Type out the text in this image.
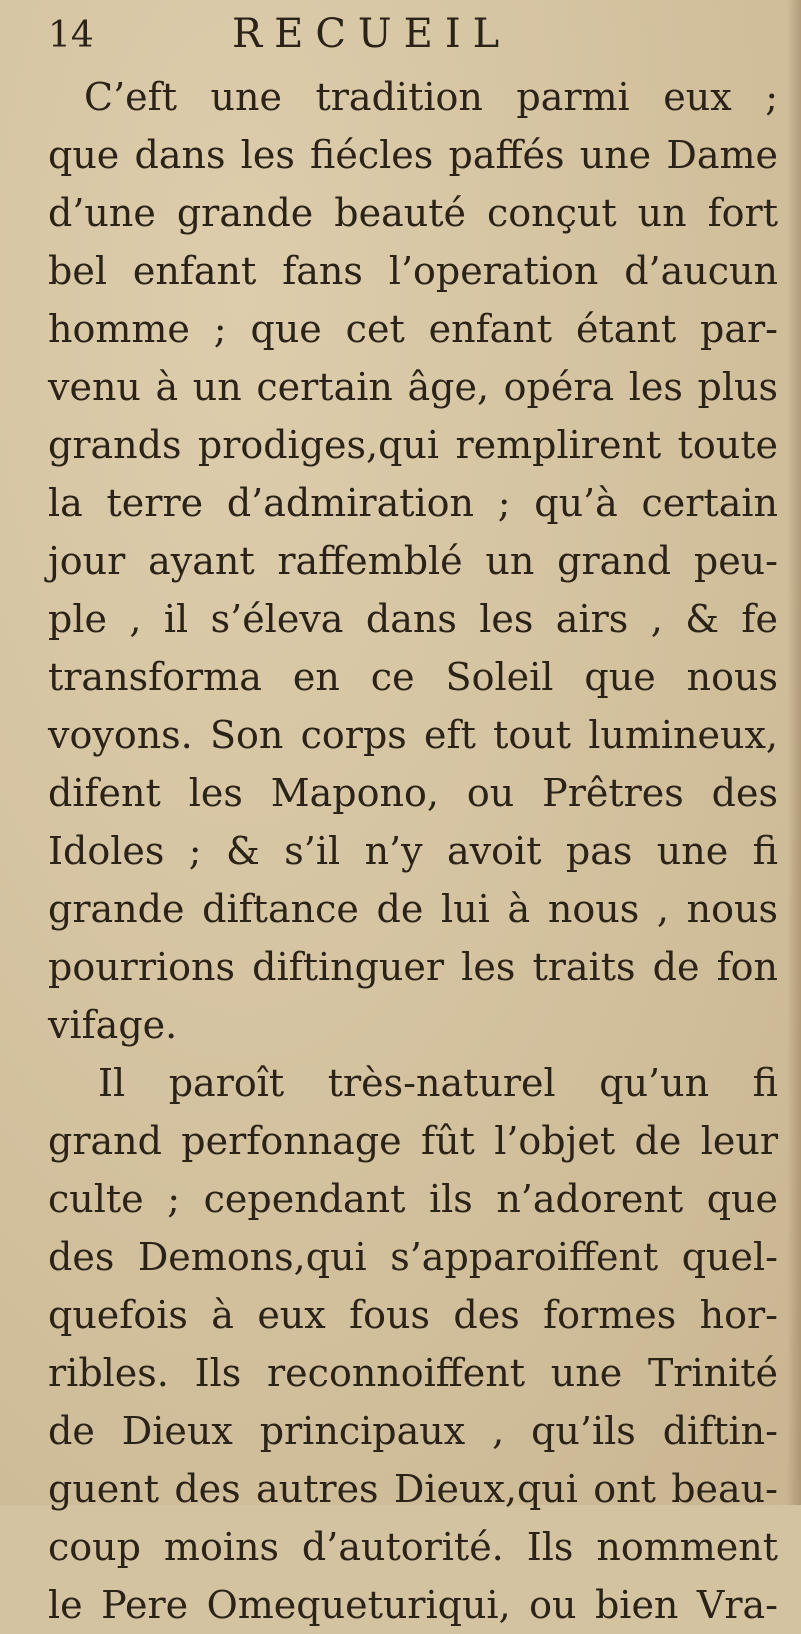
14	RECUEIL
C’eft une tradition parmi eux ;
que dans les fiécles paffés une Dame
d’une grande beauté conçut un fort
bel enfant fans l’operation d’aucun
homme ; que cet enfant étant par-
venu à un certain âge, opéra les plus
grands prodiges,qui remplirent toute
la terre d’admiration ; qu’à certain
jour ayant raffemblé un grand peu-
ple , il s’éleva dans les airs , & fe
transforma en ce Soleil que nous
voyons. Son corps eft tout lumineux,
difent les Mapono, ou Prêtres des
Idoles ; & s’il n’y avoit pas une fi
grande diftance de lui à nous , nous
pourrions diftinguer les traits de fon
vifage.
Il paroît très-naturel qu’un fi
grand perfonnage fût l’objet de leur
culte ; cependant ils n’adorent que
des Demons,qui s’apparoiffent quel-
quefois à eux fous des formes hor-
ribles. Ils reconnoiffent une Trinité
de Dieux principaux , qu’ils diftin-
guent des autres Dieux,qui ont beau-
coup moins d’autorité. Ils nomment
le Pere Omequeturiqui, ou bien Vra-
